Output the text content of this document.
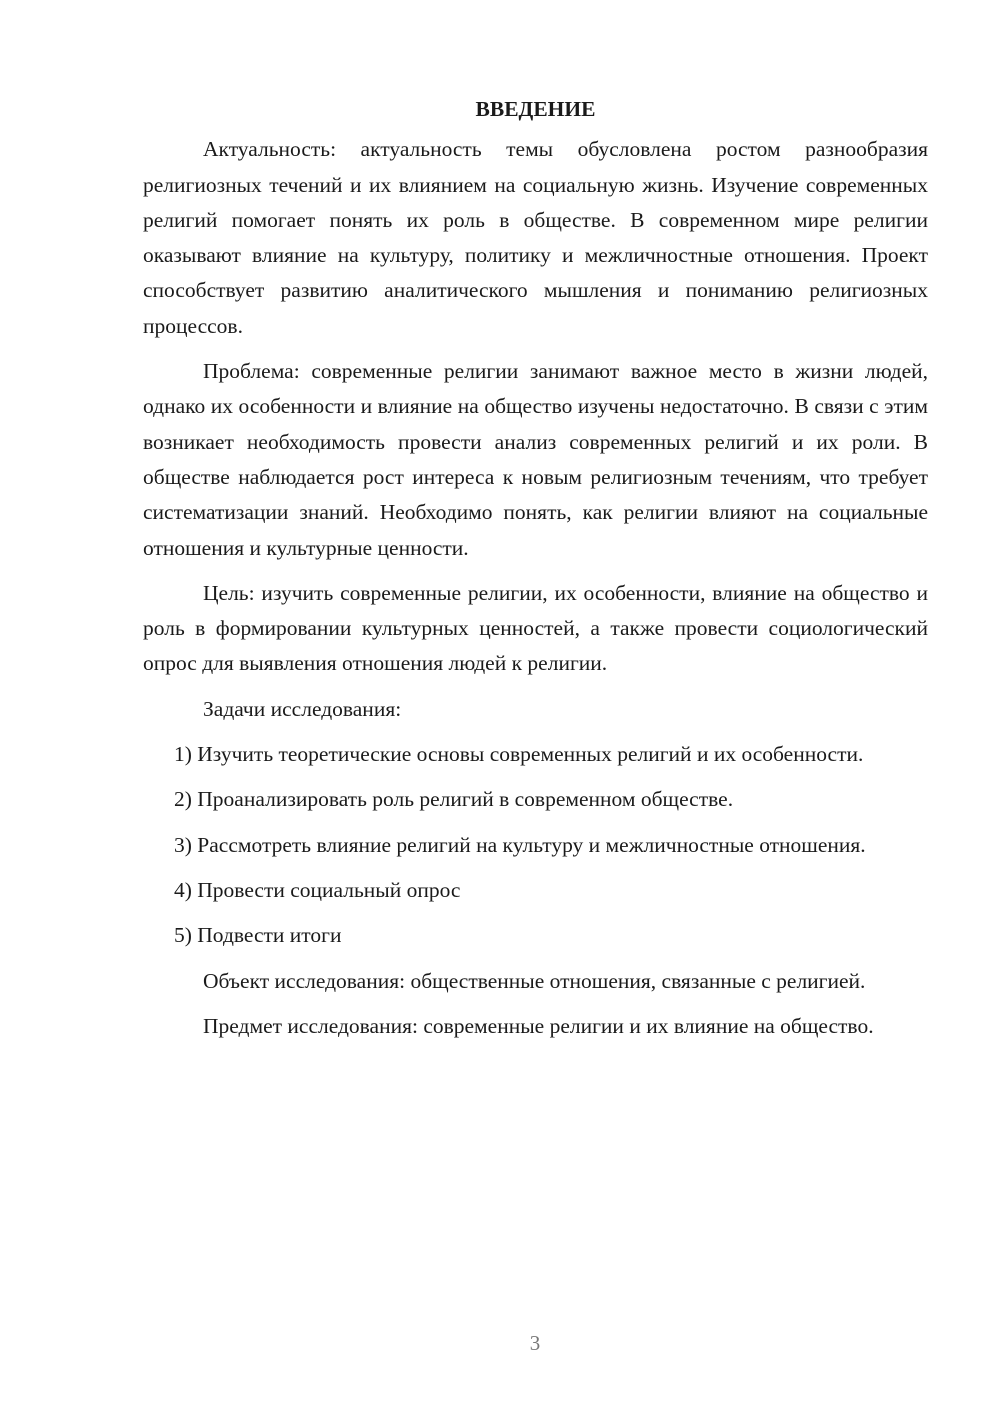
ВВЕДЕНИЕ

Актуальность: актуальность темы обусловлена ростом разнообразия религиозных течений и их влиянием на социальную жизнь. Изучение современных религий помогает понять их роль в обществе. В современном мире религии оказывают влияние на культуру, политику и межличностные отношения. Проект способствует развитию аналитического мышления и пониманию религиозных процессов.

Проблема: современные религии занимают важное место в жизни людей, однако их особенности и влияние на общество изучены недостаточно. В связи с этим возникает необходимость провести анализ современных религий и их роли. В обществе наблюдается рост интереса к новым религиозным течениям, что требует систематизации знаний. Необходимо понять, как религии влияют на социальные отношения и культурные ценности.

Цель: изучить современные религии, их особенности, влияние на общество и роль в формировании культурных ценностей, а также провести социологический опрос для выявления отношения людей к религии.

Задачи исследования:

1) Изучить теоретические основы современных религий и их особенности.

2) Проанализировать роль религий в современном обществе.

3) Рассмотреть влияние религий на культуру и межличностные отношения.

4) Провести социальный опрос

5) Подвести итоги

Объект исследования: общественные отношения, связанные с религией.

Предмет исследования: современные религии и их влияние на общество.

3
